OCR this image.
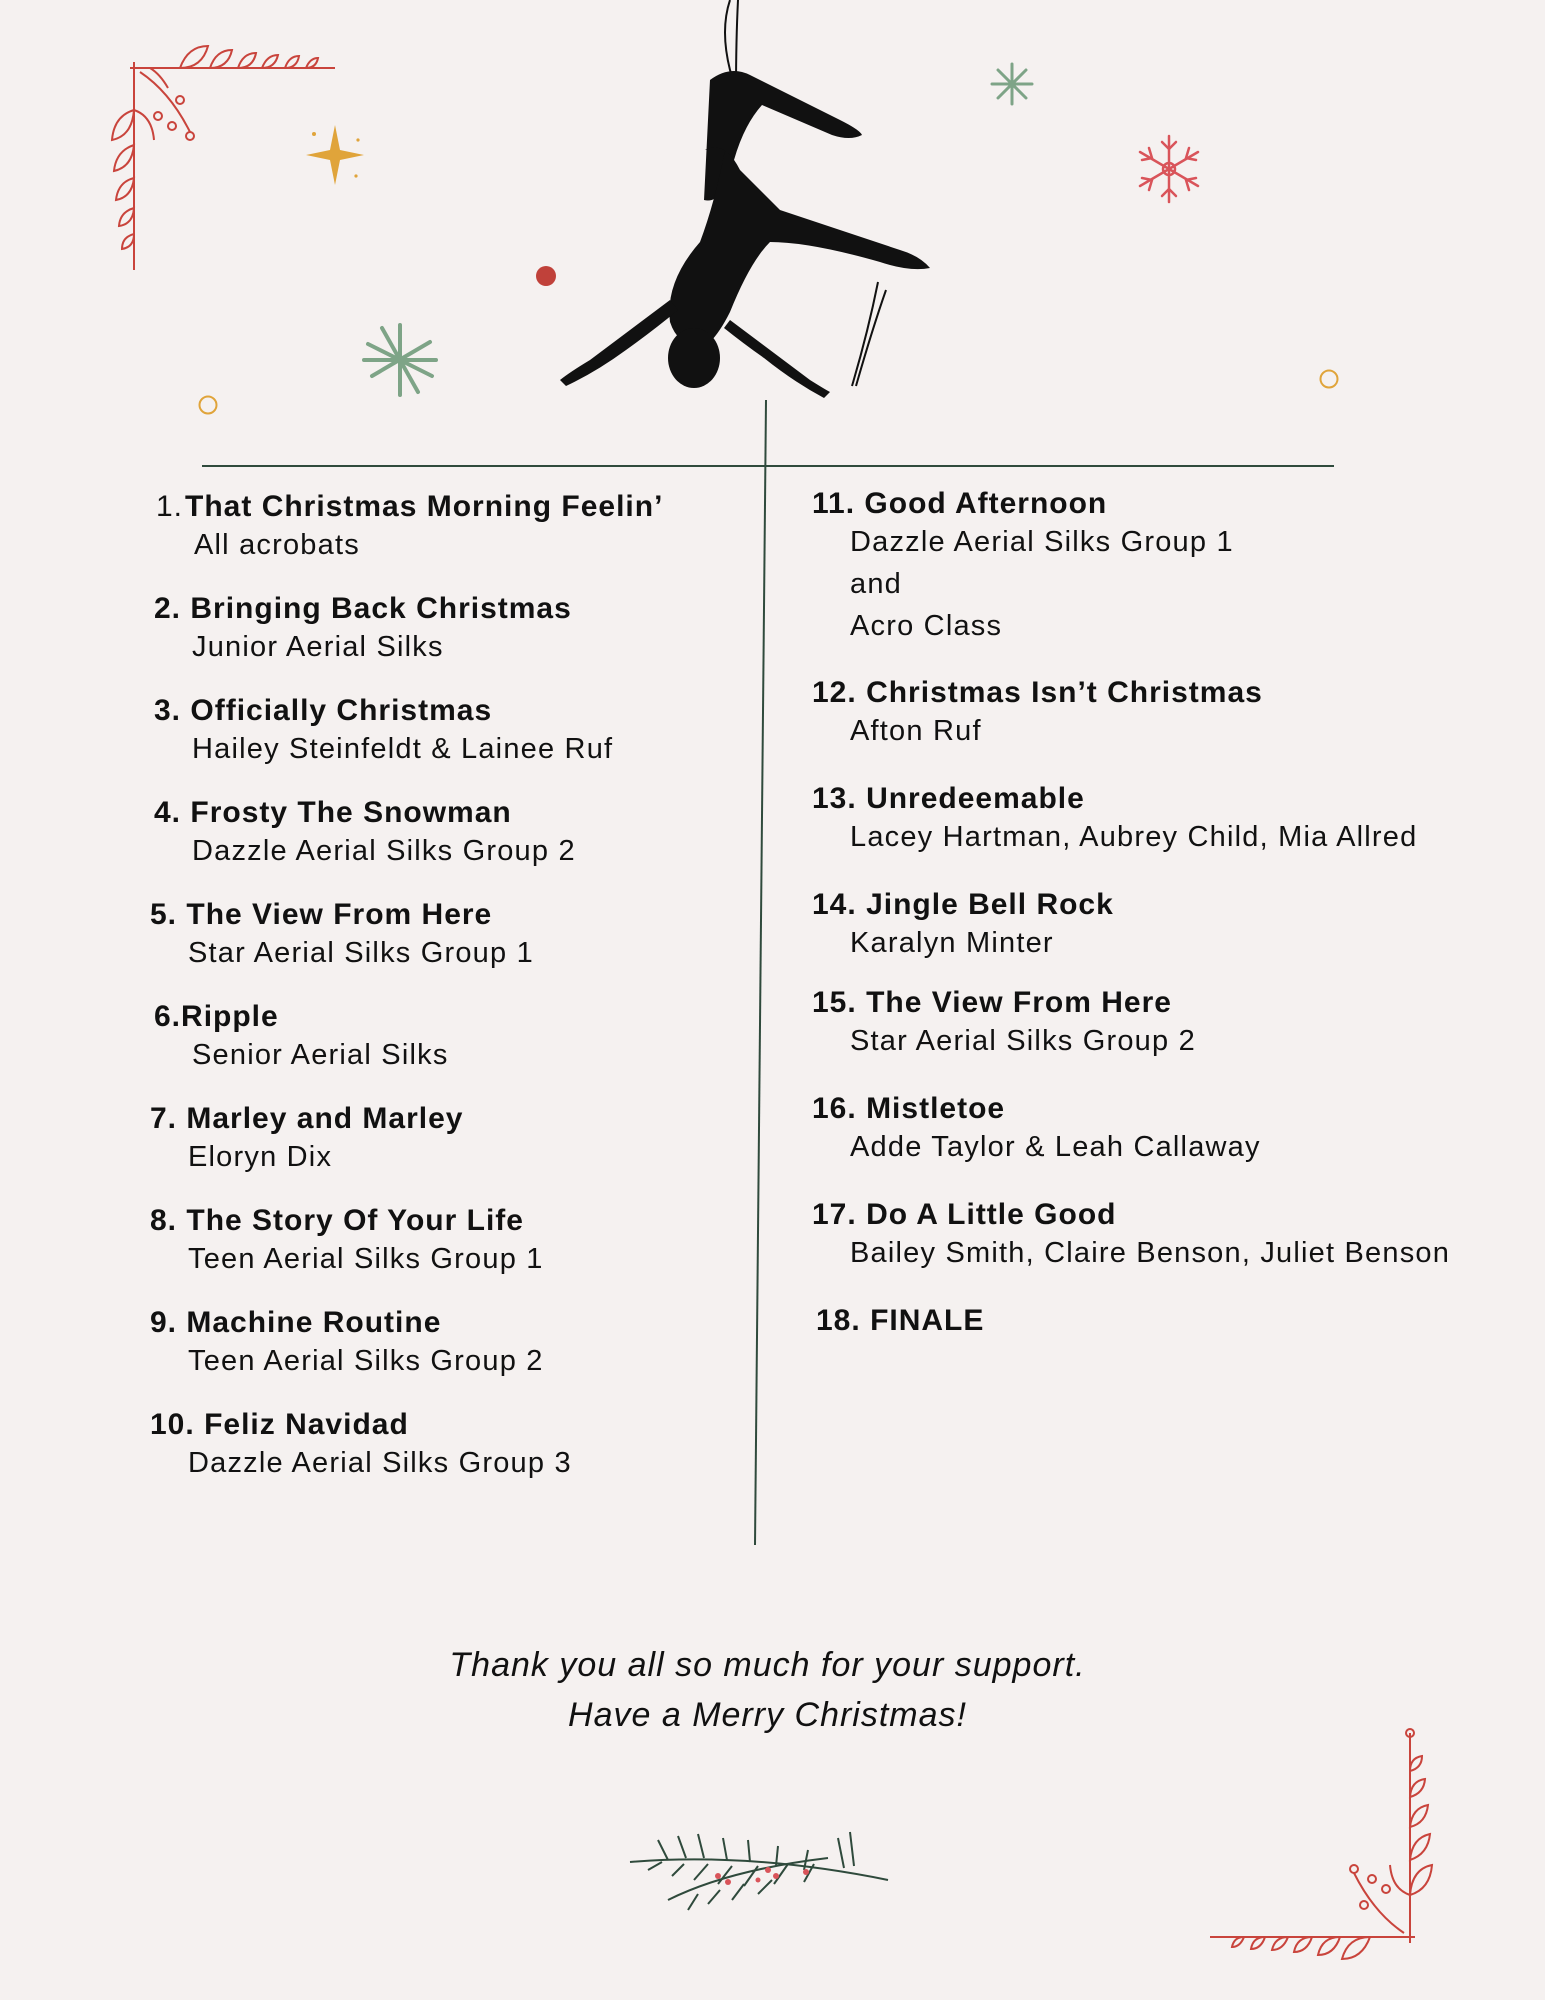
1.That Christmas Morning Feelin’
All acrobats
2. Bringing Back Christmas
Junior Aerial Silks
3. Officially Christmas
Hailey Steinfeldt & Lainee Ruf
4. Frosty The Snowman
Dazzle Aerial Silks Group 2
5. The View From Here
Star Aerial Silks Group 1
6.Ripple
Senior Aerial Silks
7. Marley and Marley
Eloryn Dix
8. The Story Of Your Life
Teen Aerial Silks Group 1
9. Machine Routine
Teen Aerial Silks Group 2
10. Feliz Navidad
Dazzle Aerial Silks Group 3
11. Good Afternoon
Dazzle Aerial Silks Group 1
and
Acro Class
12. Christmas Isn’t Christmas
Afton Ruf
13. Unredeemable
Lacey Hartman, Aubrey Child, Mia Allred
14. Jingle Bell Rock
Karalyn Minter
15. The View From Here
Star Aerial Silks Group 2
16. Mistletoe
Adde Taylor & Leah Callaway
17. Do A Little Good
Bailey Smith, Claire Benson, Juliet Benson
18. FINALE
Thank you all so much for your support.
Have a Merry Christmas!
